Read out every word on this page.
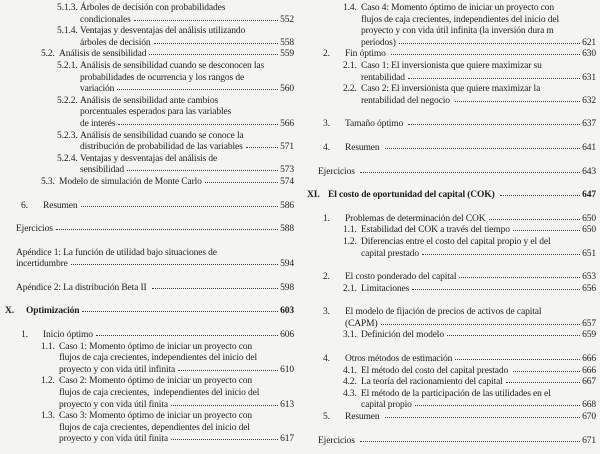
5.1.3. Árboles de decisión con probabilidades
condicionales	552
5.1.4. Ventajas y desventajas del análisis utilizando
árboles de decisión	558
5.2. Análisis de sensibilidad	559
5.2.1. Análisis de sensibilidad cuando se desconocen las
probabilidades de ocurrencia y los rangos de
variación	560
5.2.2. Análisis de sensibilidad ante cambios
porcentuales esperados para las variables
de interés	566
5.2.3. Análisis de sensibilidad cuando se conoce la
distribución de probabilidad de las variables	571
5.2.4. Ventajas y desventajas del análisis de
sensibilidad	573
5.3. Modelo de simulación de Monte Carlo	574
6.	Resumen	586
Ejercicios	588
Apéndice 1: La función de utilidad bajo situaciones de
incertidumbre	594
Apéndice 2: La distribución Beta II	598
X.	Optimización	603
1.	Inicio óptimo	606
1.1. Caso 1: Momento óptimo de iniciar un proyecto con
flujos de caja crecientes, independientes del inicio del
proyecto y con vida útil infinita	610
1.2. Caso 2: Momento óptimo de iniciar un proyecto con
flujos de caja crecientes,  independientes del inicio del
proyecto y con vida útil finita	613
1.3. Caso 3: Momento óptimo de iniciar un proyecto con
flujos de caja crecientes, dependientes del inicio del
proyecto y con vida útil finita	617
1.4. Caso 4: Momento óptimo de iniciar un proyecto con
flujos de caja crecientes, independientes del inicio del
proyecto y con vida útil infinita (la inversión dura m
períodos)	621
2.	Fin óptimo	630
2.1. Caso 1: El inversionista que quiere maximizar su
rentabilidad	631
2.2. Caso 2: El inversionista que quiere maximizar la
rentabilidad del negocio	632
3.	Tamaño óptimo	637
4.	Resumen	641
Ejercicios	643
XI. El costo de oportunidad del capital (COK)	647
1.	Problemas de determinación del COK	650
1.1. Estabilidad del COK a través del tiempo	650
1.2. Diferencias entre el costo del capital propio y el del
capital prestado	651
2.	El costo ponderado del capital	653
2.1. Limitaciones	656
3.	El modelo de fijación de precios de activos de capital
(CAPM)	657
3.1. Definición del modelo	659
4.	Otros métodos de estimación	666
4.1. El método del costo del capital prestado	666
4.2. La teoría del racionamiento del capital	667
4.3. El método de la participación de las utilidades en el
capital propio	668
5.	Resumen	670
Ejercicios	671
